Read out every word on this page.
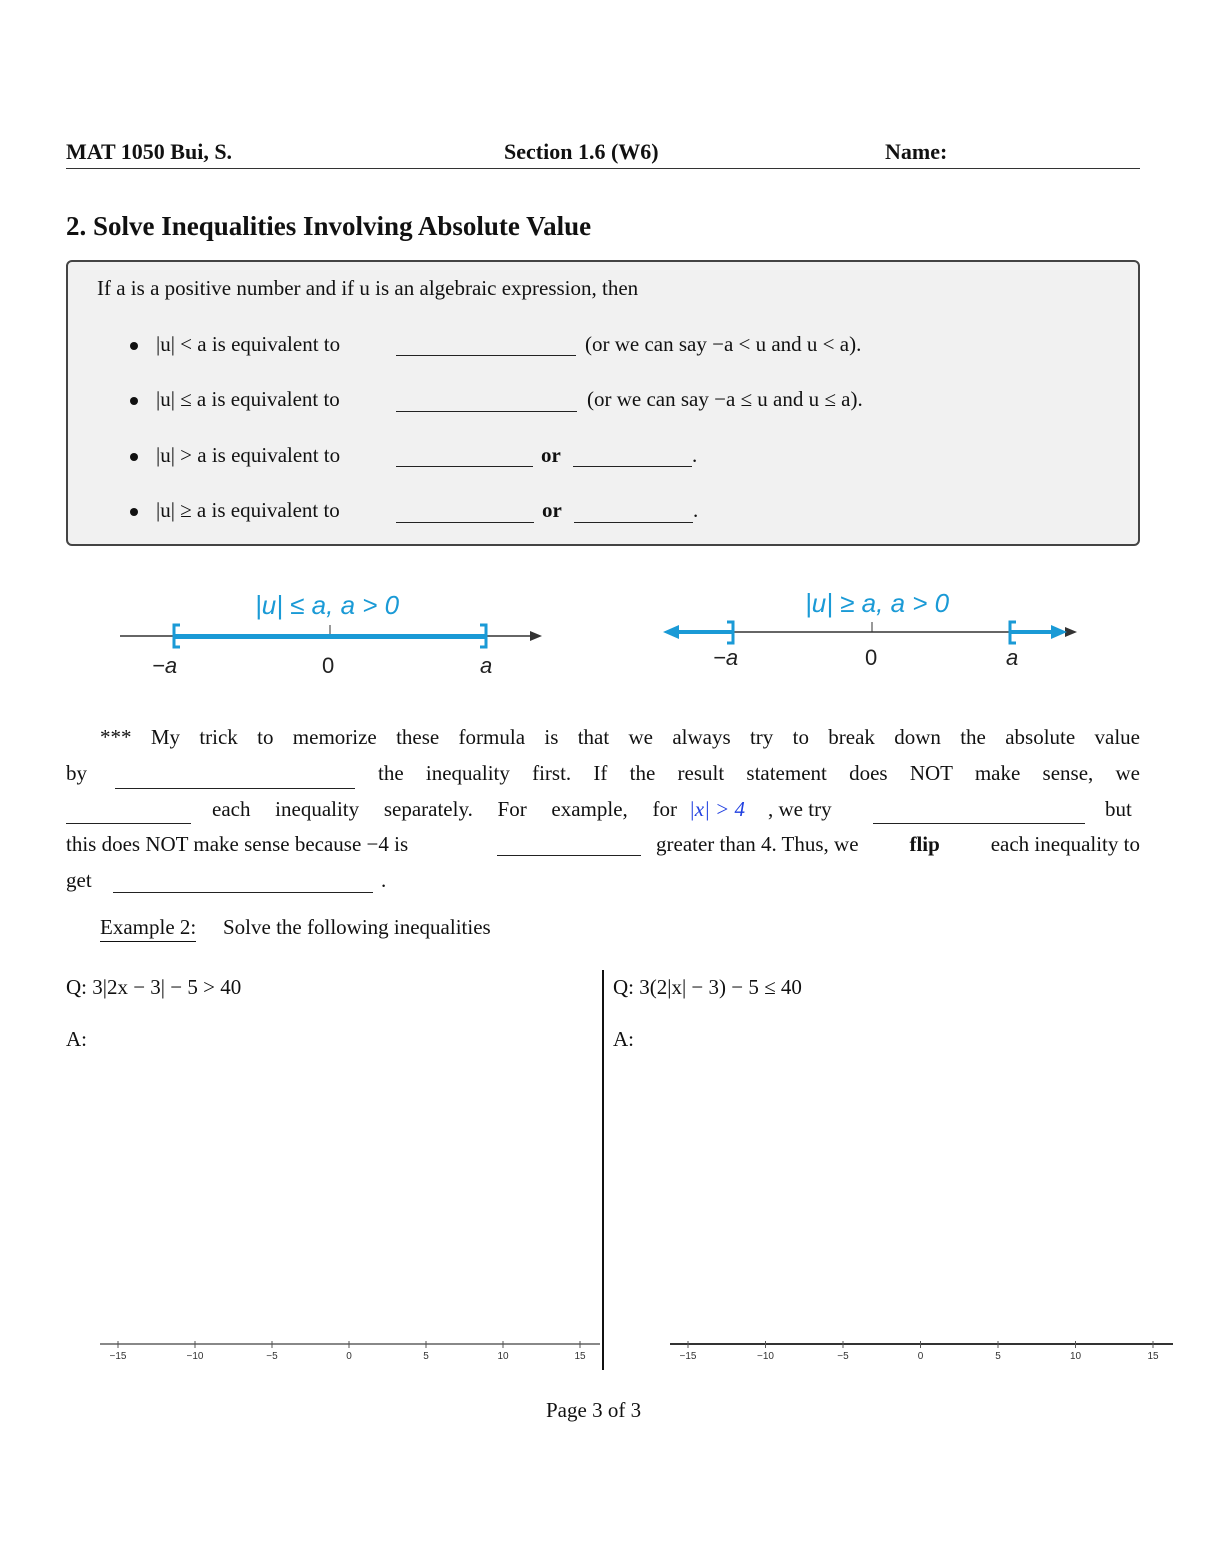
MAT 1050 Bui, S.	Section 1.6 (W6)	Name:
2. Solve Inequalities Involving Absolute Value
If a is a positive number and if u is an algebraic expression, then
|u| < a is equivalent to	(or we can say −a < u and u < a).
|u| ≤ a is equivalent to	(or we can say −a ≤ u and u ≤ a).
|u| > a is equivalent to	or	.
|u| ≥ a is equivalent to	or	.
|u| ≤ a, a > 0
−a	0	a
|u| ≥ a, a > 0
−a	0	a
*** My trick to memorize these formula is that we always try to break down the absolute value
by	the inequality first. If the result statement does NOT make sense, we
each inequality separately. For example, for |x| > 4 , we try	but
this does NOT make sense because −4 is	greater than 4. Thus, we flip each inequality to
get	.
Example 2: Solve the following inequalities
Q: 3|2x − 3| − 5 > 40
A:
Q: 3(2|x| − 3) − 5 ≤ 40
A:
−15	−10	−5	0	5	10	15	−15	−10	−5	0	5	10	15
Page 3 of 3
